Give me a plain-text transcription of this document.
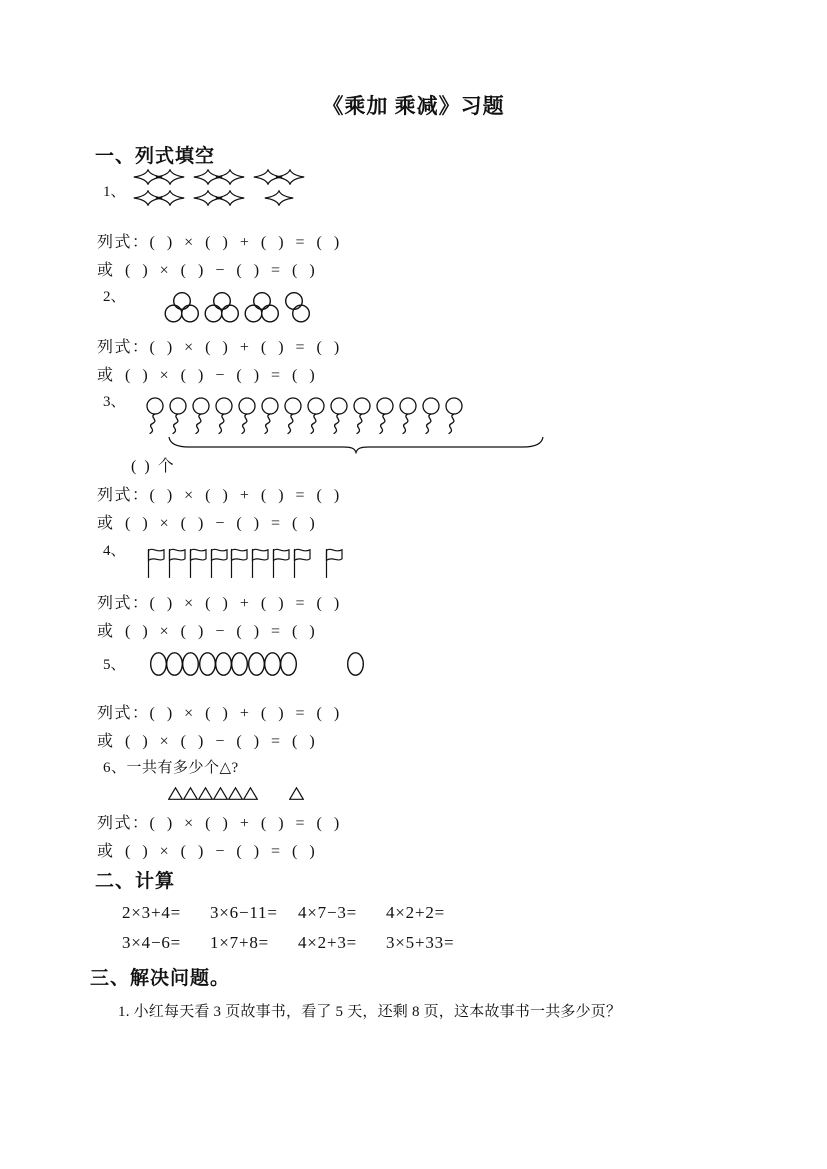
《乘加 乘减》习题
一、列式填空
1、
列式：( ) × ( ) + ( ) = ( )
或 ( ) × ( ) − ( ) = ( )
2、
列式：( ) × ( ) + ( ) = ( )
或 ( ) × ( ) − ( ) = ( )
3、
( ) 个
列式：( ) × ( ) + ( ) = ( )
或 ( ) × ( ) − ( ) = ( )
4、
列式：( ) × ( ) + ( ) = ( )
或 ( ) × ( ) − ( ) = ( )
5、
列式：( ) × ( ) + ( ) = ( )
或 ( ) × ( ) − ( ) = ( )
6、一共有多少个△?
列式：( ) × ( ) + ( ) = ( )
或 ( ) × ( ) − ( ) = ( )
二、计算
2×3+4=	3×6−11=	4×7−3=	4×2+2=
3×4−6=	1×7+8=	4×2+3=	3×5+33=
三、解决问题。
1. 小红每天看 3 页故事书，看了 5 天，还剩 8 页，这本故事书一共多少页？
